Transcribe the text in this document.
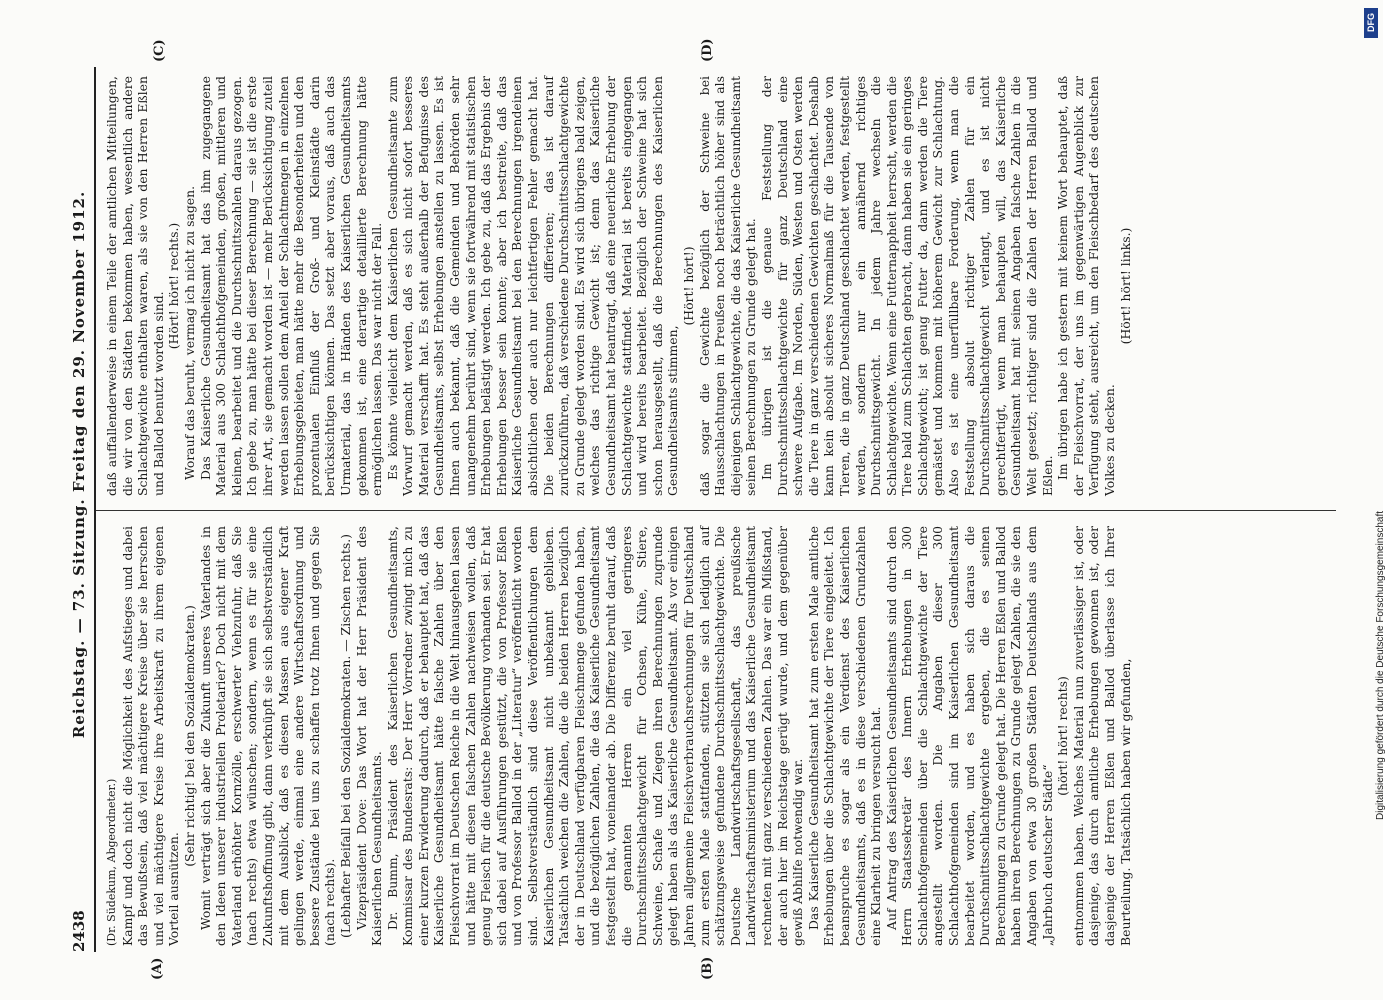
2438
Reichstag. — 73. Sitzung. Freitag den 29. November 1912.
(A)	(B)
(C)	(D)

(Dr. Südekum, Abgeordneter.) Kampf und doch nicht die Möglichkeit des Aufstieges und dabei das Bewußtsein, daß viel mächtigere Kreise über sie herrschen und viel mächtigere Kreise ihre Arbeitskraft zu ihrem eigenen Vorteil ausnützen.

(Sehr richtig! bei den Sozialdemokraten.) Womit verträgt sich aber die Zukunft unseres Vaterlandes in den Ideen unserer industriellen Proletarier? Doch nicht mit dem Vaterland erhöhter Kornzölle, erschwerter Viehzufuhr, daß Sie (nach rechts) etwa wünschen; sondern, wenn es für sie eine Zukunftshoffnung gibt, dann verknüpft sie sich selbstverständlich mit dem Ausblick, daß es diesen Massen aus eigener Kraft gelingen werde, einmal eine andere Wirtschaftsordnung und bessere Zustände bei uns zu schaffen trotz Ihnen und gegen Sie (nach rechts). (Lebhafter Beifall bei den Sozialdemokraten. — Zischen rechts.) Vizepräsident Dove: Das Wort hat der Herr Präsident des Kaiserlichen Gesundheitsamts. Dr. Bumm, Präsident des Kaiserlichen Gesundheitsamts, Kommissar des Bundesrats: Der Herr Vorredner zwingt mich zu einer kurzen Erwiderung dadurch, daß er behauptet hat, daß das Kaiserliche Gesundheitsamt hätte falsche Zahlen über den Fleischvorrat im Deutschen Reiche in die Welt hinausgehen lassen und hätte mit diesen falschen Zahlen nachweisen wollen, daß genug Fleisch für die deutsche Bevölkerung vorhanden sei. Er hat sich dabei auf Ausführungen gestützt, die von Professor Eßlen und von Professor Ballod in der „Literatur“ veröffentlicht worden sind. Selbstverständlich sind diese Veröffentlichungen dem Kaiserlichen Gesundheitsamt nicht unbekannt geblieben. Tatsächlich weichen die Zahlen, die die beiden Herren bezüglich der in Deutschland verfügbaren Fleischmenge gefunden haben, und die bezüglichen Zahlen, die das Kaiserliche Gesundheitsamt festgestellt hat, voneinander ab. Die Differenz beruht darauf, daß die genannten Herren ein viel geringeres Durchschnittsschlachtgewicht für Ochsen, Kühe, Stiere, Schweine, Schafe und Ziegen ihren Berechnungen zugrunde gelegt haben als das Kaiserliche Gesundheitsamt. Als vor einigen Jahren allgemeine Fleischverbrauchsrechnungen für Deutschland zum ersten Male stattfanden, stützten sie sich lediglich auf schätzungsweise gefundene Durchschnittsschlachtgewichte. Die Deutsche Landwirtschaftsgesellschaft, das preußische Landwirtschaftsministerium und das Kaiserliche Gesundheitsamt rechneten mit ganz verschiedenen Zahlen. Das war ein Mißstand, der auch hier im Reichstage gerügt wurde, und dem gegenüber gewiß Abhilfe notwendig war. Das Kaiserliche Gesundheitsamt hat zum ersten Male amtliche Erhebungen über die Schlachtgewichte der Tiere eingeleitet. Ich beanspruche es sogar als ein Verdienst des Kaiserlichen Gesundheitsamts, daß es in diese verschiedenen Grundzahlen eine Klarheit zu bringen versucht hat. Auf Antrag des Kaiserlichen Gesundheitsamts sind durch den Herrn Staatssekretär des Innern Erhebungen in 300 Schlachthofgemeinden über die Schlachtgewichte der Tiere angestellt worden. Die Angaben dieser 300 Schlachthofgemeinden sind im Kaiserlichen Gesundheitsamt bearbeitet worden, und es haben sich daraus die Durchschnittsschlachtgewichte ergeben, die es seinen Berechnungen zu Grunde gelegt hat. Die Herren Eßlen und Ballod haben ihren Berechnungen zu Grunde gelegt Zahlen, die sie den Angaben von etwa 30 großen Städten Deutschlands aus dem „Jahrbuch deutscher Städte“

(hört! hört! rechts) entnommen haben. Welches Material nun zuverlässiger ist, oder dasjenige, das durch amtliche Erhebungen gewonnen ist, oder dasjenige der Herren Eßlen und Ballod überlasse ich Ihrer Beurteilung. Tatsächlich haben wir gefunden,

daß auffallenderweise in einem Teile der amtlichen Mitteilungen, die wir von den Städten bekommen haben, wesentlich andere Schlachtgewichte enthalten waren, als sie von den Herren Eßlen und Ballod benutzt worden sind.

(Hört! hört! rechts.) Worauf das beruht, vermag ich nicht zu sagen. Das Kaiserliche Gesundheitsamt hat das ihm zugegangene Material aus 300 Schlachthofgemeinden, großen, mittleren und kleinen, bearbeitet und die Durchschnittszahlen daraus gezogen. Ich gebe zu, man hätte bei dieser Berechnung — sie ist die erste ihrer Art, sie gemacht worden ist — mehr Berücksichtigung zuteil werden lassen sollen dem Anteil der Schlachtmengen in einzelnen Erhebungsgebieten, man hätte mehr die Besonderheiten und den prozentualen Einfluß der Groß- und Kleinstädte darin berücksichtigen können. Das setzt aber voraus, daß auch das Urmaterial, das in Händen des Kaiserlichen Gesundheitsamts gekommen ist, eine derartige detaillierte Berechnung hätte ermöglichen lassen. Das war nicht der Fall. Es könnte vielleicht dem Kaiserlichen Gesundheitsamte zum Vorwurf gemacht werden, daß es sich nicht sofort besseres Material verschafft hat. Es steht außerhalb der Befugnisse des Gesundheitsamts, selbst Erhebungen anstellen zu lassen. Es ist Ihnen auch bekannt, daß die Gemeinden und Behörden sehr unangenehm berührt sind, wenn sie fortwährend mit statistischen Erhebungen belästigt werden. Ich gebe zu, daß das Ergebnis der Erhebungen besser sein konnte; aber ich bestreite, daß das Kaiserliche Gesundheitsamt bei den Berechnungen irgendeinen absichtlichen oder auch nur leichtfertigen Fehler gemacht hat. Die beiden Berechnungen differieren; das ist darauf zurückzuführen, daß verschiedene Durchschnittsschlachtgewichte zu Grunde gelegt worden sind. Es wird sich übrigens bald zeigen, welches das richtige Gewicht ist; denn das Kaiserliche Gesundheitsamt hat beantragt, daß eine neuerliche Erhebung der Schlachtgewichte stattfindet. Material ist bereits eingegangen und wird bereits bearbeitet. Bezüglich der Schweine hat sich schon herausgestellt, daß die Berechnungen des Kaiserlichen Gesundheitsamts stimmen,

(Hört! hört!) daß sogar die Gewichte bezüglich der Schweine bei Hausschlachtungen in Preußen noch beträchtlich höher sind als diejenigen Schlachtgewichte, die das Kaiserliche Gesundheitsamt seinen Berechnungen zu Grunde gelegt hat. Im übrigen ist die genaue Feststellung der Durchschnittsschlachtgewichte für ganz Deutschland eine schwere Aufgabe. Im Norden, Süden, Westen und Osten werden die Tiere in ganz verschiedenen Gewichten geschlachtet. Deshalb kann kein absolut sicheres Normalmaß für die Tausende von Tieren, die in ganz Deutschland geschlachtet werden, festgestellt werden, sondern nur ein annähernd richtiges Durchschnittsgewicht. In jedem Jahre wechseln die Schlachtgewichte. Wenn eine Futternappheit herrscht, werden die Tiere bald zum Schlachten gebracht, dann haben sie ein geringes Schlachtgewicht; ist genug Futter da, dann werden die Tiere gemästet und kommen mit höherem Gewicht zur Schlachtung. Also es ist eine unerfüllbare Forderung, wenn man die Feststellung absolut richtiger Zahlen für ein Durchschnittsschlachtgewicht verlangt, und es ist nicht gerechtfertigt, wenn man behaupten will, das Kaiserliche Gesundheitsamt hat mit seinen Angaben falsche Zahlen in die Welt gesetzt; richtiger sind die Zahlen der Herren Ballod und Eßlen. Im übrigen habe ich gestern mit keinem Wort behauptet, daß der Fleischvorrat, der uns im gegenwärtigen Augenblick zur Verfügung steht, ausreicht, um den Fleischbedarf des deutschen Volkes zu decken.

(Hört! hört! links.)

DFG
Digitalisierung gefördert durch die Deutsche Forschungsgemeinschaft
